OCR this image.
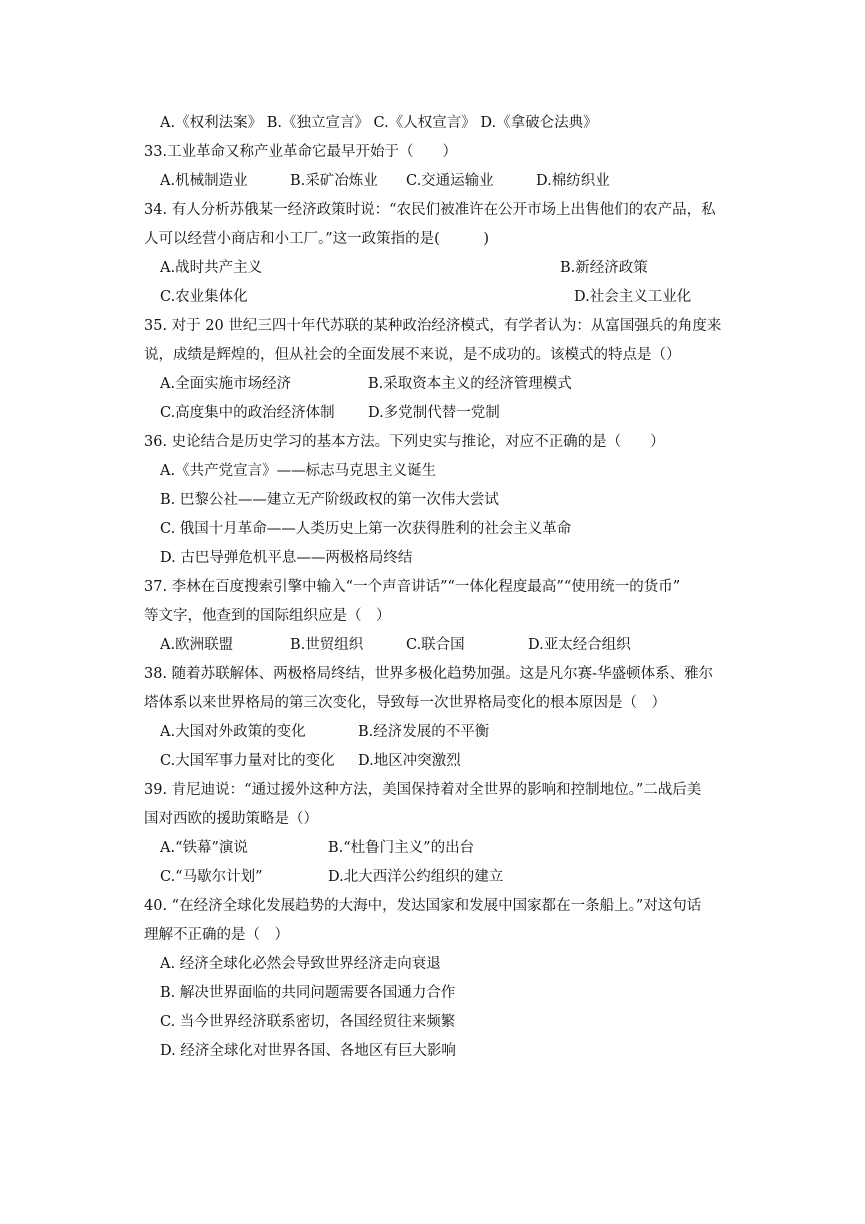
A.《权利法案》 B.《独立宣言》 C.《人权宣言》 D.《拿破仑法典》
33.工业革命又称产业革命它最早开始于（　　）
A.机械制造业	B.采矿冶炼业 C.交通运输业	D.棉纺织业
34. 有人分析苏俄某一经济政策时说：“农民们被准许在公开市场上出售他们的农产品，私
人可以经营小商店和小工厂。”这一政策指的是(　　　)
A.战时共产主义	B.新经济政策
C.农业集体化	D.社会主义工业化
35. 对于 20 世纪三四十年代苏联的某种政治经济模式，有学者认为：从富国强兵的角度来
说，成绩是辉煌的，但从社会的全面发展不来说，是不成功的。该模式的特点是（）
A.全面实施市场经济	B.采取资本主义的经济管理模式
C.高度集中的政治经济体制 D.多党制代替一党制
36. 史论结合是历史学习的基本方法。下列史实与推论，对应不正确的是（　　）
A.《共产党宣言》——标志马克思主义诞生
B. 巴黎公社——建立无产阶级政权的第一次伟大尝试
C. 俄国十月革命——人类历史上第一次获得胜利的社会主义革命
D. 古巴导弹危机平息——两极格局终结
37. 李林在百度搜索引擎中输入“一个声音讲话”“一体化程度最高”“使用统一的货币”
等文字，他查到的国际组织应是（　）
A.欧洲联盟	B.世贸组织	C.联合国	D.亚太经合组织
38. 随着苏联解体、两极格局终结，世界多极化趋势加强。这是凡尔赛-华盛顿体系、雅尔
塔体系以来世界格局的第三次变化，导致每一次世界格局变化的根本原因是（　）
A.大国对外政策的变化	B.经济发展的不平衡
C.大国军事力量对比的变化 D.地区冲突激烈
39. 肯尼迪说：“通过援外这种方法，美国保持着对全世界的影响和控制地位。”二战后美
国对西欧的援助策略是（）
A.“铁幕”演说	B.“杜鲁门主义”的出台
C.“马歇尔计划”	D.北大西洋公约组织的建立
40. “在经济全球化发展趋势的大海中，发达国家和发展中国家都在一条船上。”对这句话
理解不正确的是（　）
A. 经济全球化必然会导致世界经济走向衰退
B. 解决世界面临的共同问题需要各国通力合作
C. 当今世界经济联系密切，各国经贸往来频繁
D. 经济全球化对世界各国、各地区有巨大影响
